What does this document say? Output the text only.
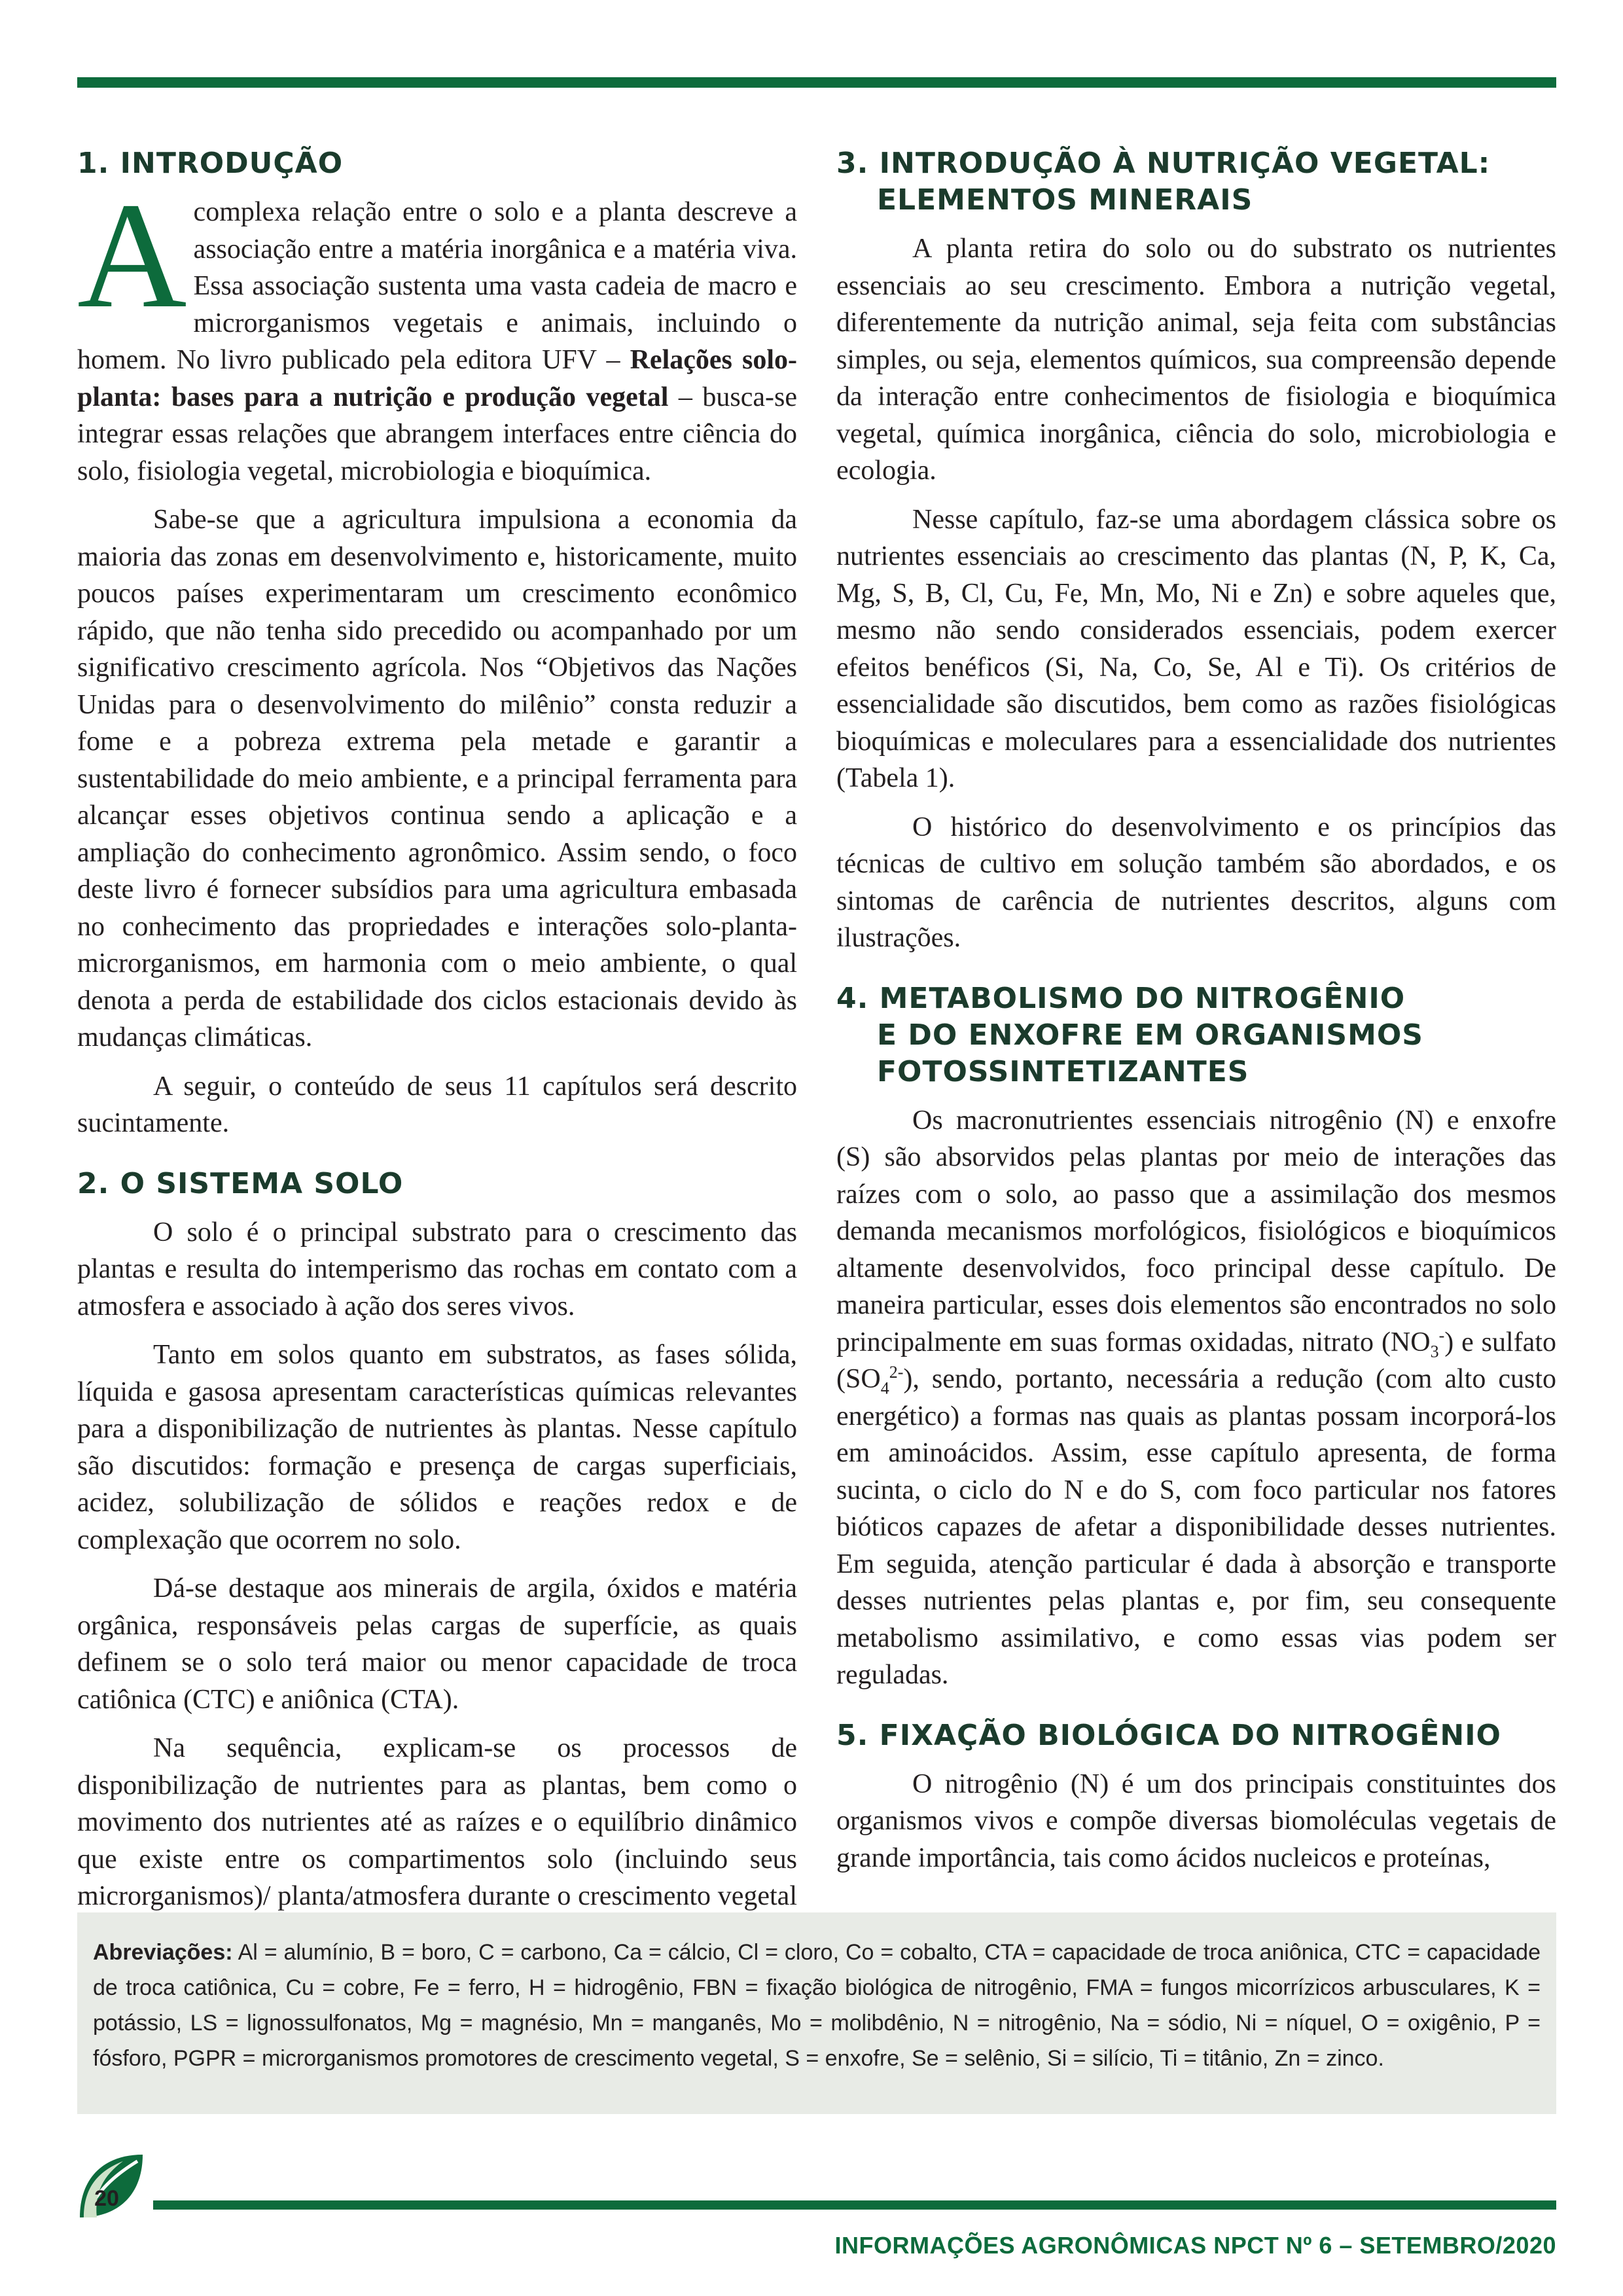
1. INTRODUÇÃO

Acomplexa relação entre o solo e a planta descreve a associação entre a matéria inorgânica e a matéria viva. Essa associação sustenta uma vasta cadeia de macro e microrganismos vegetais e animais, incluindo o homem. No livro publicado pela editora UFV – Relações solo-planta: bases para a nutrição e produção vegetal – busca-se integrar essas relações que abrangem interfaces entre ciência do solo, fisiologia vegetal, microbiologia e bioquímica.

Sabe-se que a agricultura impulsiona a economia da maioria das zonas em desenvolvimento e, historicamente, muito poucos países experimentaram um crescimento econômico rápido, que não tenha sido precedido ou acompanhado por um significativo crescimento agrícola. Nos “Objetivos das Nações Unidas para o desenvolvimento do milênio” consta reduzir a fome e a pobreza extrema pela metade e garantir a sustentabilidade do meio ambiente, e a principal ferramenta para alcançar esses objetivos continua sendo a aplicação e a ampliação do conhecimento agronômico. Assim sendo, o foco deste livro é fornecer subsídios para uma agricultura embasada no conhecimento das propriedades e interações solo-planta-microrganismos, em harmonia com o meio ambiente, o qual denota a perda de estabilidade dos ciclos estacionais devido às mudanças climáticas.

A seguir, o conteúdo de seus 11 capítulos será descrito sucintamente.

2. O SISTEMA SOLO

O solo é o principal substrato para o crescimento das plantas e resulta do intemperismo das rochas em contato com a atmosfera e associado à ação dos seres vivos.

Tanto em solos quanto em substratos, as fases sólida, líquida e gasosa apresentam características químicas relevantes para a disponibilização de nutrientes às plantas. Nesse capítulo são discutidos: formação e presença de cargas superficiais, acidez, solubilização de sólidos e reações redox e de complexação que ocorrem no solo.

Dá-se destaque aos minerais de argila, óxidos e matéria orgânica, responsáveis pelas cargas de superfície, as quais definem se o solo terá maior ou menor capacidade de troca catiônica (CTC) e aniônica (CTA).

Na sequência, explicam-se os processos de disponibilização de nutrientes para as plantas, bem como o movimento dos nutrientes até as raízes e o equilíbrio dinâmico que existe entre os compartimentos solo (incluindo seus microrganismos)/ planta/atmosfera durante o crescimento vegetal

3. INTRODUÇÃO À NUTRIÇÃO VEGETAL:
ELEMENTOS MINERAIS

A planta retira do solo ou do substrato os nutrientes essenciais ao seu crescimento. Embora a nutrição vegetal, diferentemente da nutrição animal, seja feita com substâncias simples, ou seja, elementos químicos, sua compreensão depende da interação entre conhecimentos de fisiologia e bioquímica vegetal, química inorgânica, ciência do solo, microbiologia e ecologia.

Nesse capítulo, faz-se uma abordagem clássica sobre os nutrientes essenciais ao crescimento das plantas (N, P, K, Ca, Mg, S, B, Cl, Cu, Fe, Mn, Mo, Ni e Zn) e sobre aqueles que, mesmo não sendo considerados essenciais, podem exercer efeitos benéficos (Si, Na, Co, Se, Al e Ti). Os critérios de essencialidade são discutidos, bem como as razões fisiológicas bioquímicas e moleculares para a essencialidade dos nutrientes (Tabela 1).

O histórico do desenvolvimento e os princípios das técnicas de cultivo em solução também são abordados, e os sintomas de carência de nutrientes descritos, alguns com ilustrações.

4. METABOLISMO DO NITROGÊNIO
E DO ENXOFRE EM ORGANISMOS
FOTOSSINTETIZANTES

Os macronutrientes essenciais nitrogênio (N) e enxofre (S) são absorvidos pelas plantas por meio de interações das raízes com o solo, ao passo que a assimilação dos mesmos demanda mecanismos morfológicos, fisiológicos e bioquímicos altamente desenvolvidos, foco principal desse capítulo. De maneira particular, esses dois elementos são encontrados no solo principalmente em suas formas oxidadas, nitrato $(NO_3^-)$ e sulfato $(SO_4^{2-})$, sendo, portanto, necessária a redução (com alto custo energético) a formas nas quais as plantas possam incorporá-los em aminoácidos. Assim, esse capítulo apresenta, de forma sucinta, o ciclo do N e do S, com foco particular nos fatores bióticos capazes de afetar a disponibilidade desses nutrientes. Em seguida, atenção particular é dada à absorção e transporte desses nutrientes pelas plantas e, por fim, seu consequente metabolismo assimilativo, e como essas vias podem ser reguladas.

5. FIXAÇÃO BIOLÓGICA DO NITROGÊNIO

O nitrogênio (N) é um dos principais constituintes dos organismos vivos e compõe diversas biomoléculas vegetais de grande importância, tais como ácidos nucleicos e proteínas,

Abreviações: Al = alumínio, B = boro, C = carbono, Ca = cálcio, Cl = cloro, Co = cobalto, CTA = capacidade de troca aniônica, CTC = capacidade de troca catiônica, Cu = cobre, Fe = ferro, H = hidrogênio, FBN = fixação biológica de nitrogênio, FMA = fungos micorrízicos arbusculares, K = potássio, LS = lignossulfonatos, Mg = magnésio, Mn = manganês, Mo = molibdênio, N = nitrogênio, Na = sódio, Ni = níquel, O = oxigênio, P = fósforo, PGPR = microrganismos promotores de crescimento vegetal, S = enxofre, Se = selênio, Si = silício, Ti = titânio, Zn = zinco.
20
INFORMAÇÕES AGRONÔMICAS NPCT Nº 6 – SETEMBRO/2020
